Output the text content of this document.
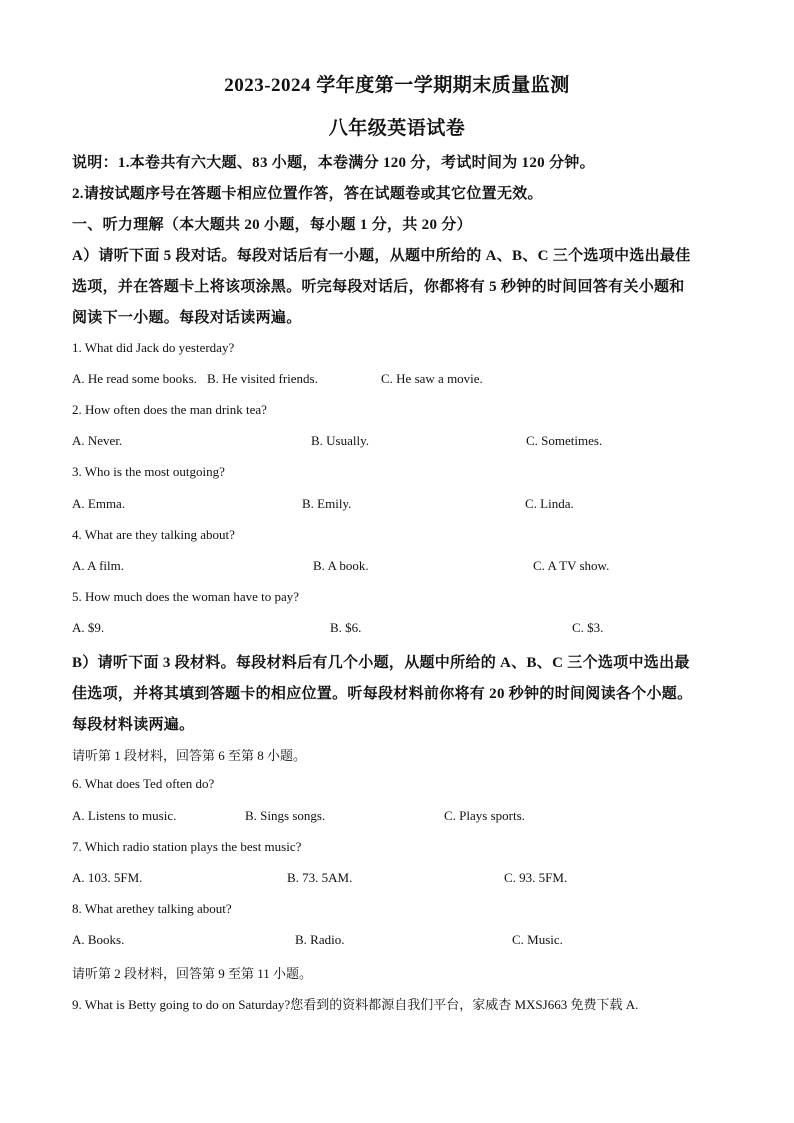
2023-2024 学年度第一学期期末质量监测
八年级英语试卷
说明：1.本卷共有六大题、83 小题，本卷满分 120 分，考试时间为 120 分钟。
2.请按试题序号在答题卡相应位置作答，答在试题卷或其它位置无效。
一、听力理解（本大题共 20 小题，每小题 1 分，共 20 分）
A）请听下面 5 段对话。每段对话后有一小题，从题中所给的 A、B、C 三个选项中选出最佳
选项，并在答题卡上将该项涂黑。听完每段对话后，你都将有 5 秒钟的时间回答有关小题和
阅读下一小题。每段对话读两遍。
1. What did Jack do yesterday?
A. He read some books. B. He visited friends.	C. He saw a movie.
2. How often does the man drink tea?
A. Never.	B. Usually.	C. Sometimes.
3. Who is the most outgoing?
A. Emma.	B. Emily.	C. Linda.
4. What are they talking about?
A. A film.	B. A book.	C. A TV show.
5. How much does the woman have to pay?
A. $9.	B. $6.	C. $3.
B）请听下面 3 段材料。每段材料后有几个小题，从题中所给的 A、B、C 三个选项中选出最
佳选项，并将其填到答题卡的相应位置。听每段材料前你将有 20 秒钟的时间阅读各个小题。
每段材料读两遍。
请听第 1 段材料，回答第 6 至第 8 小题。
6. What does Ted often do?
A. Listens to music.	B. Sings songs.	C. Plays sports.
7. Which radio station plays the best music?
A. 103. 5FM.	B. 73. 5AM.	C. 93. 5FM.
8. What arethey talking about?
A. Books.	B. Radio.	C. Music.
请听第 2 段材料，回答第 9 至第 11 小题。
9. What is Betty going to do on Saturday?您看到的资料都源自我们平台，家威杏 MXSJ663 免费下载 A.
